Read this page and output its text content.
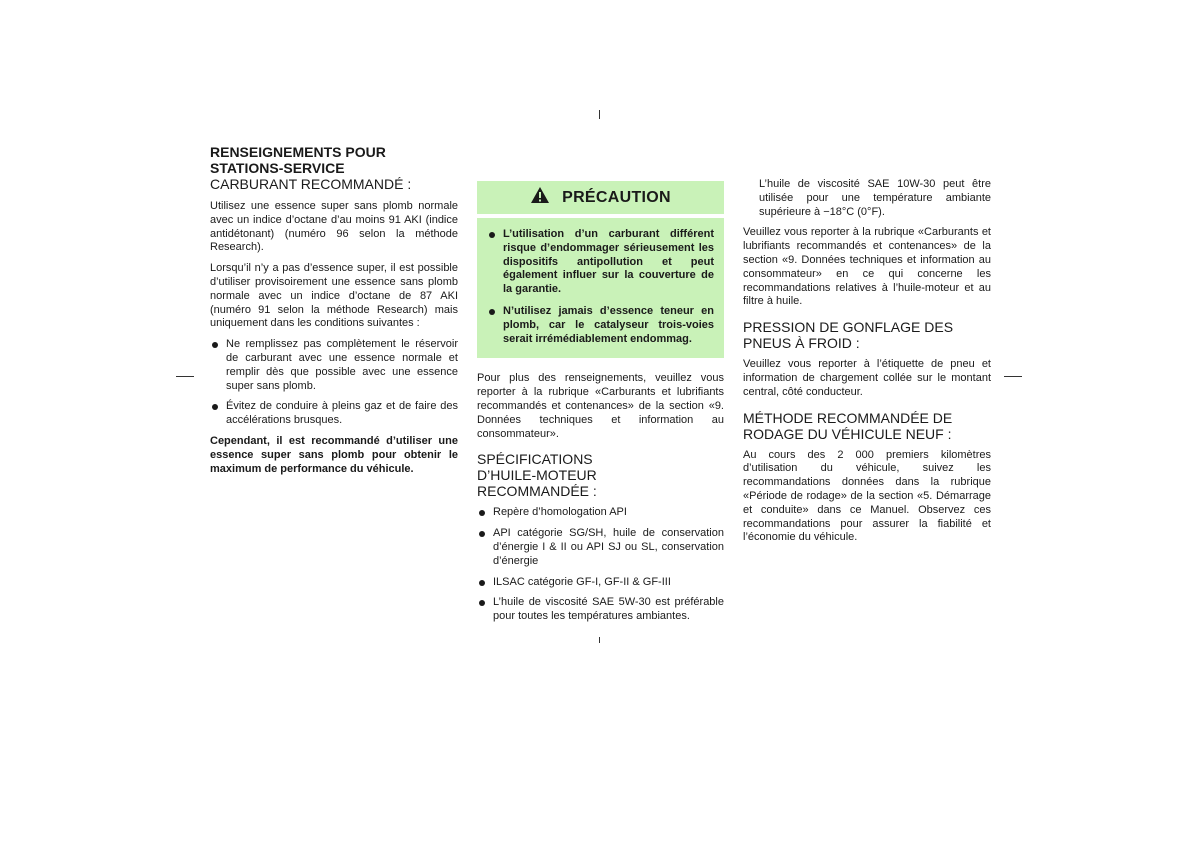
RENSEIGNEMENTS POUR STATIONS-SERVICE
CARBURANT RECOMMANDÉ :

Utilisez une essence super sans plomb normale avec un indice d’octane d’au moins 91 AKI (indice antidétonant) (numéro 96 selon la méthode Research).

Lorsqu’il n’y a pas d’essence super, il est possible d’utiliser provisoirement une essence sans plomb normale avec un indice d’octane de 87 AKI (numéro 91 selon la méthode Research) mais uniquement dans les conditions suivantes :

Ne remplissez pas complètement le réservoir de carburant avec une essence normale et remplir dès que possible avec une essence super sans plomb.
Évitez de conduire à pleins gaz et de faire des accélérations brusques.

Cependant, il est recommandé d’utiliser une essence super sans plomb pour obtenir le maximum de performance du véhicule.

PRÉCAUTION
L’utilisation d’un carburant différent risque d’endommager sérieusement les dispositifs antipollution et peut également influer sur la couverture de la garantie.
N’utilisez jamais d’essence teneur en plomb, car le catalyseur trois-voies serait irrémédiablement endommag.

Pour plus des renseignements, veuillez vous reporter à la rubrique «Carburants et lubrifiants recommandés et contenances» de la section «9. Données techniques et information au consommateur».

SPÉCIFICATIONS D’HUILE-MOTEUR RECOMMANDÉE :
Repère d’homologation API
API catégorie SG/SH, huile de conservation d’énergie I & II ou API SJ ou SL, conservation d’énergie
ILSAC catégorie GF-I, GF-II & GF-III
L’huile de viscosité SAE 5W-30 est préférable pour toutes les températures ambiantes.

L’huile de viscosité SAE 10W-30 peut être utilisée pour une température ambiante supérieure à −18°C (0°F).

Veuillez vous reporter à la rubrique «Carburants et lubrifiants recommandés et contenances» de la section «9. Données techniques et information au consommateur» en ce qui concerne les recommandations relatives à l’huile-moteur et au filtre à huile.

PRESSION DE GONFLAGE DES PNEUS À FROID :

Veuillez vous reporter à l’étiquette de pneu et information de chargement collée sur le montant central, côté conducteur.

MÉTHODE RECOMMANDÉE DE RODAGE DU VÉHICULE NEUF :

Au cours des 2 000 premiers kilomètres d’utilisation du véhicule, suivez les recommandations données dans la rubrique «Période de rodage» de la section «5. Démarrage et conduite» dans ce Manuel. Observez ces recommandations pour assurer la fiabilité et l’économie du véhicule.
